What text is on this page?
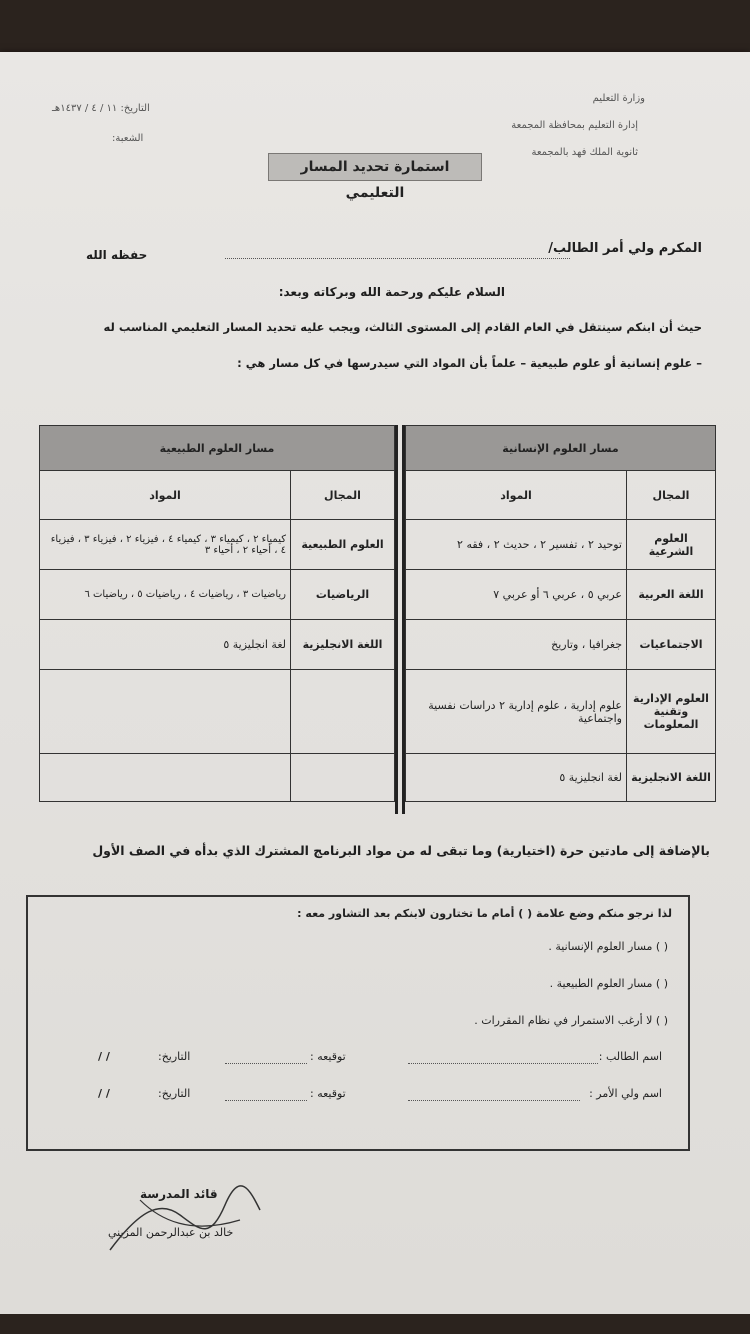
وزارة التعليم
إدارة التعليم بمحافظة المجمعة
ثانوية الملك فهد بالمجمعة
التاريخ: ١١ / ٤ / ١٤٣٧هـ
الشعبة:
استمارة تحديد المسار التعليمي
المكرم ولي أمر الطالب/
حفظه الله
السلام عليكم ورحمة الله وبركاته وبعد:
حيث أن ابنكم سينتقل في العام القادم إلى المستوى الثالث، ويجب عليه تحديد المسار التعليمي المناسب له
– علوم إنسانية أو علوم طبيعية – علماً بأن المواد التي سيدرسها في كل مسار هي :
مسار العلوم الإنسانية	
المجال	المواد
العلوم الشرعية	توحيد ٢ ، تفسير ٢ ، حديث ٢ ، فقه ٢
اللغة العربية	عربي ٥ ، عربي ٦ أو عربي ٧
الاجتماعيات	جغرافيا ، وتاريخ
العلوم الإدارية وتقنية المعلومات	علوم إدارية ، علوم إدارية ٢ دراسات نفسية واجتماعية
اللغة الانجليزية	لغة انجليزية ٥
مسار العلوم الطبيعية	
المجال	المواد
العلوم الطبيعية	كيمياء ٢ ، كيمياء ٣ ، كيمياء ٤ ، فيزياء ٢ ، فيزياء ٣ ، فيزياء ٤ ، أحياء ٢ ، أحياء ٣
الرياضيات	رياضيات ٣ ، رياضيات ٤ ، رياضيات ٥ ، رياضيات ٦
اللغة الانجليزية	لغة انجليزية ٥

بالإضافة إلى مادتين حرة (اختيارية) وما تبقى له من مواد البرنامج المشترك الذي بدأه في الصف الأول
لذا نرجو منكم وضع علامة ( ) أمام ما تختارون لابنكم بعد التشاور معه :
( ) مسار العلوم الإنسانية .
( ) مسار العلوم الطبيعية .
( ) لا أرغب الاستمرار في نظام المقررات .
اسم الطالب :
توقيعه :
التاريخ:
/ /
اسم ولي الأمر :
توقيعه :
التاريخ:
/ /
قائد المدرسة
خالد بن عبدالرحمن المزيني
